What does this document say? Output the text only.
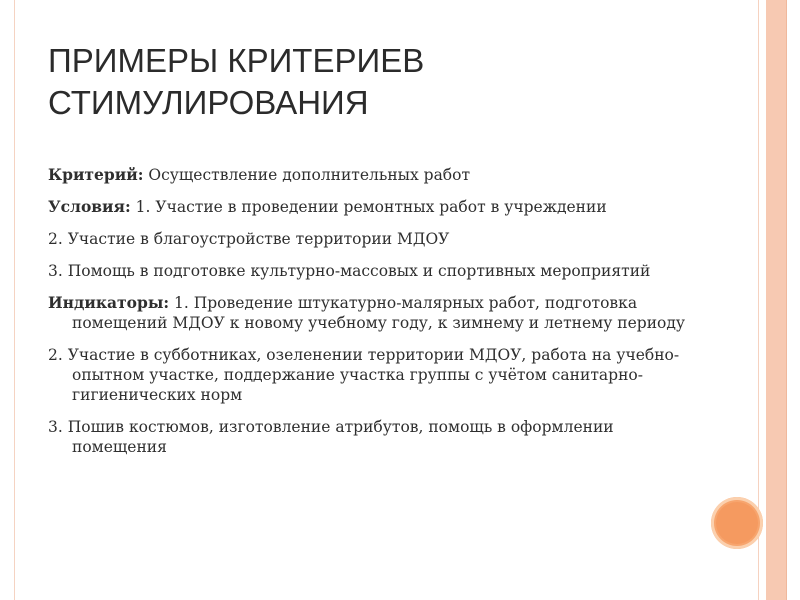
ПРИМЕРЫ КРИТЕРИЕВ
СТИМУЛИРОВАНИЯ

Критерий: Осуществление дополнительных работ

Условия: 1. Участие в проведении ремонтных работ в учреждении

2. Участие в благоустройстве территории МДОУ

3. Помощь в подготовке культурно-массовых и спортивных мероприятий

Индикаторы: 1. Проведение штукатурно-малярных работ, подготовка помещений МДОУ к новому учебному году, к зимнему и летнему периоду

2. Участие в субботниках, озеленении территории МДОУ, работа на учебно-опытном участке, поддержание участка группы с учётом санитарно-гигиенических норм

3. Пошив костюмов, изготовление атрибутов, помощь в оформлении помещения
